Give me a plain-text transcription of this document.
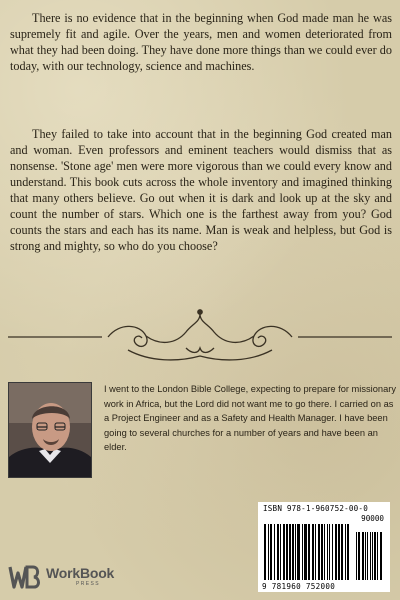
There is no evidence that in the beginning when God made man he was supremely fit and agile. Over the years, men and women deteriorated from what they had been doing. They have done more things than we could ever do today, with our technology, science and machines.

They failed to take into account that in the beginning God created man and woman. Even professors and eminent teachers would dismiss that as nonsense. 'Stone age' men were more vigorous than we could every know and understand. This book cuts across the whole inventory and imagined thinking that many others believe. Go out when it is dark and look up at the sky and count the number of stars. Which one is the farthest away from you? God counts the stars and each has its name. Man is weak and helpless, but God is strong and mighty, so who do you choose?

I went to the London Bible College, expecting to prepare for missionary work in Africa, but the Lord did not want me to go there. I carried on as a Project Engineer and as a Safety and Health Manager. I have been going to several churches for a number of years and have been an elder.

ISBN 978-1-960752-00-0
90000
9 781960 752000
WorkBook
PRESS
